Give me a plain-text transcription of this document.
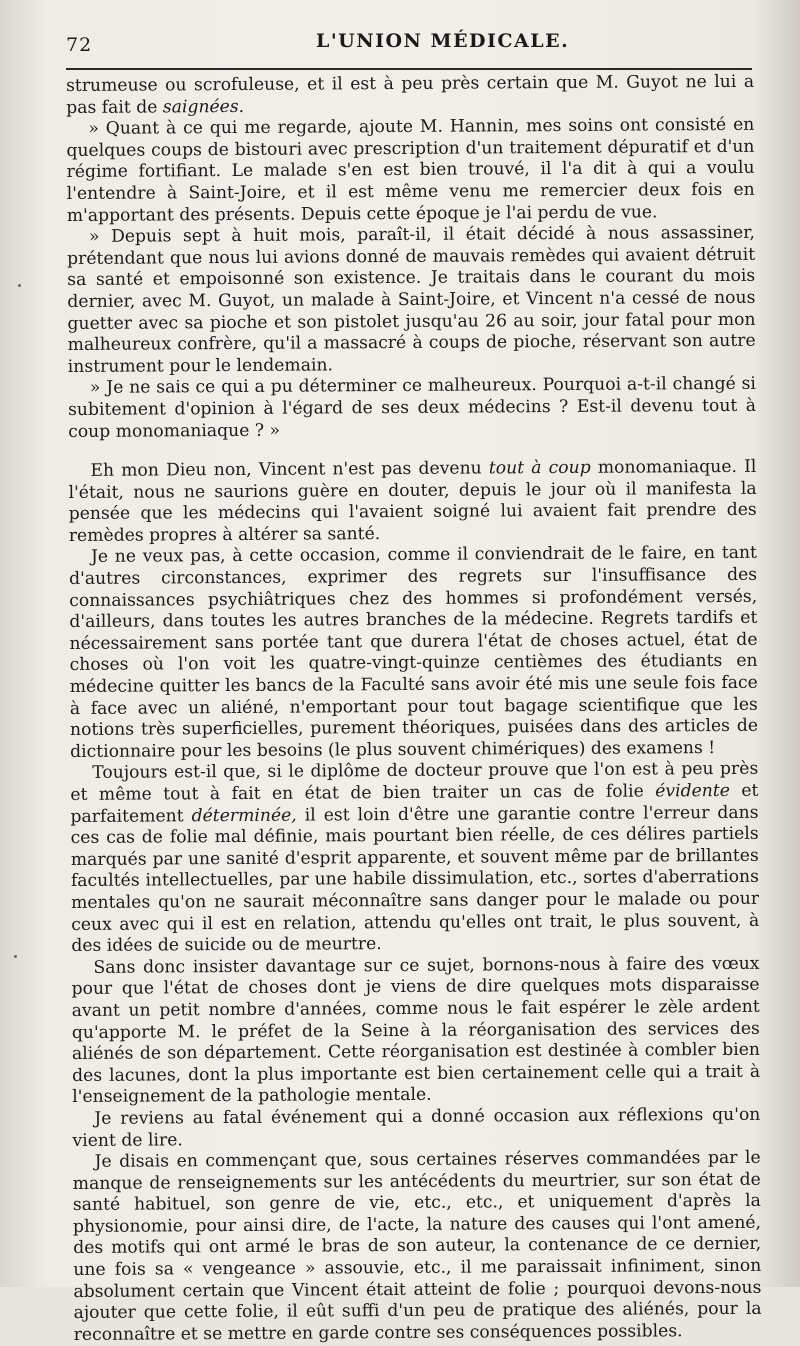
72	L'UNION MÉDICALE.

strumeuse ou scrofuleuse, et il est à peu près certain que M. Guyot ne lui a pas fait de saignées.

» Quant à ce qui me regarde, ajoute M. Hannin, mes soins ont consisté en quelques coups de bistouri avec prescription d'un traitement dépuratif et d'un régime fortifiant. Le malade s'en est bien trouvé, il l'a dit à qui a voulu l'entendre à Saint-Joire, et il est même venu me remercier deux fois en m'apportant des présents. Depuis cette époque je l'ai perdu de vue.

» Depuis sept à huit mois, paraît-il, il était décidé à nous assassiner, prétendant que nous lui avions donné de mauvais remèdes qui avaient détruit sa santé et empoisonné son existence. Je traitais dans le courant du mois dernier, avec M. Guyot, un malade à Saint-Joire, et Vincent n'a cessé de nous guetter avec sa pioche et son pistolet jusqu'au 26 au soir, jour fatal pour mon malheureux confrère, qu'il a massacré à coups de pioche, réservant son autre instrument pour le lendemain.

» Je ne sais ce qui a pu déterminer ce malheureux. Pourquoi a-t-il changé si subitement d'opinion à l'égard de ses deux médecins ? Est-il devenu tout à coup monomaniaque ? »

Eh mon Dieu non, Vincent n'est pas devenu tout à coup monomaniaque. Il l'était, nous ne saurions guère en douter, depuis le jour où il manifesta la pensée que les médecins qui l'avaient soigné lui avaient fait prendre des remèdes propres à altérer sa santé.

Je ne veux pas, à cette occasion, comme il conviendrait de le faire, en tant d'autres circonstances, exprimer des regrets sur l'insuffisance des connaissances psychiâtriques chez des hommes si profondément versés, d'ailleurs, dans toutes les autres branches de la médecine. Regrets tardifs et nécessairement sans portée tant que durera l'état de choses actuel, état de choses où l'on voit les quatre-vingt-quinze centièmes des étudiants en médecine quitter les bancs de la Faculté sans avoir été mis une seule fois face à face avec un aliéné, n'emportant pour tout bagage scientifique que les notions très superficielles, purement théoriques, puisées dans des articles de dictionnaire pour les besoins (le plus souvent chimériques) des examens !

Toujours est-il que, si le diplôme de docteur prouve que l'on est à peu près et même tout à fait en état de bien traiter un cas de folie évidente et parfaitement déterminée, il est loin d'être une garantie contre l'erreur dans ces cas de folie mal définie, mais pourtant bien réelle, de ces délires partiels marqués par une sanité d'esprit apparente, et souvent même par de brillantes facultés intellectuelles, par une habile dissimulation, etc., sortes d'aberrations mentales qu'on ne saurait méconnaître sans danger pour le malade ou pour ceux avec qui il est en relation, attendu qu'elles ont trait, le plus souvent, à des idées de suicide ou de meurtre.

Sans donc insister davantage sur ce sujet, bornons-nous à faire des vœux pour que l'état de choses dont je viens de dire quelques mots disparaisse avant un petit nombre d'années, comme nous le fait espérer le zèle ardent qu'apporte M. le préfet de la Seine à la réorganisation des services des aliénés de son département. Cette réorganisation est destinée à combler bien des lacunes, dont la plus importante est bien certainement celle qui a trait à l'enseignement de la pathologie mentale.

Je reviens au fatal événement qui a donné occasion aux réflexions qu'on vient de lire.

Je disais en commençant que, sous certaines réserves commandées par le manque de renseignements sur les antécédents du meurtrier, sur son état de santé habituel, son genre de vie, etc., etc., et uniquement d'après la physionomie, pour ainsi dire, de l'acte, la nature des causes qui l'ont amené, des motifs qui ont armé le bras de son auteur, la contenance de ce dernier, une fois sa « vengeance » assouvie, etc., il me paraissait infiniment, sinon absolument certain que Vincent était atteint de folie ; pourquoi devons-nous ajouter que cette folie, il eût suffi d'un peu de pratique des aliénés, pour la reconnaître et se mettre en garde contre ses conséquences possibles.
